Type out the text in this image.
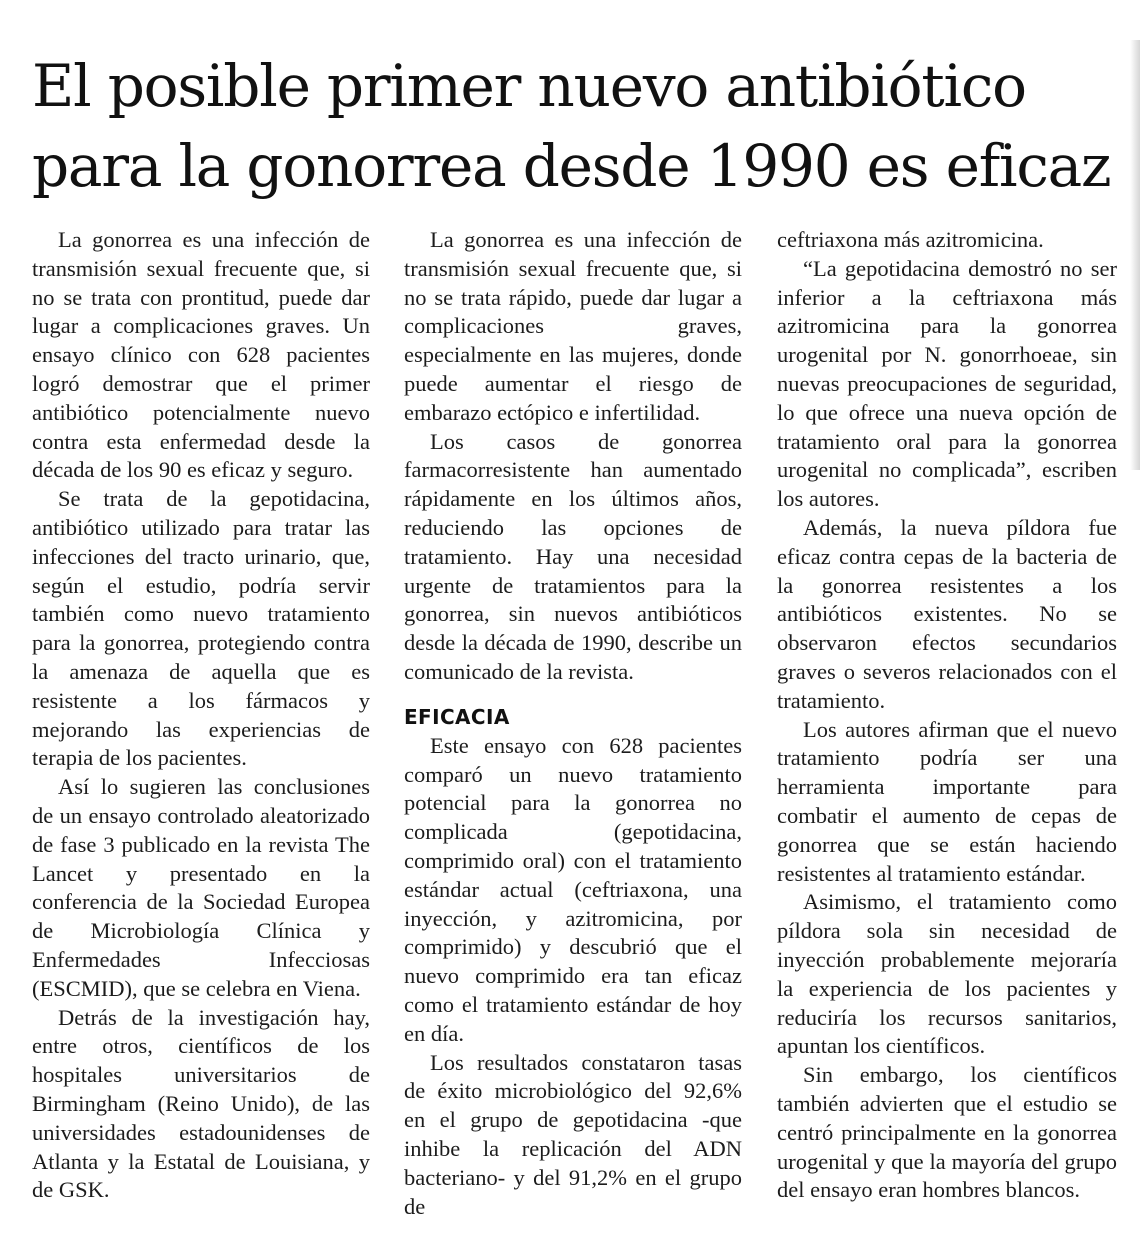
El posible primer nuevo antibiótico
para la gonorrea desde 1990 es eficaz

La gonorrea es una infección de transmisión sexual frecuente que, si no se trata con prontitud, puede dar lugar a complicaciones graves. Un ensayo clínico con 628 pacientes logró demostrar que el primer antibiótico potencialmente nuevo contra esta enfermedad desde la década de los 90 es eficaz y seguro.

Se trata de la gepotidacina, antibiótico utilizado para tratar las infecciones del tracto urinario, que, según el estudio, podría servir también como nuevo tratamiento para la gonorrea, protegiendo contra la amenaza de aquella que es resistente a los fármacos y mejorando las experiencias de terapia de los pacientes.

Así lo sugieren las conclusiones de un ensayo controlado aleatorizado de fase 3 publicado en la revista The Lancet y presentado en la conferencia de la Sociedad Europea de Microbiología Clínica y Enfermedades Infecciosas (ESCMID), que se celebra en Viena.

Detrás de la investigación hay, entre otros, científicos de los hospitales universitarios de Birmingham (Reino Unido), de las universidades estadounidenses de Atlanta y la Estatal de Louisiana, y de GSK.

La gonorrea es una infección de transmisión sexual frecuente que, si no se trata rápido, puede dar lugar a complicaciones graves, especialmente en las mujeres, donde puede aumentar el riesgo de embarazo ectópico e infertilidad.

Los casos de gonorrea farmacorresistente han aumentado rápidamente en los últimos años, reduciendo las opciones de tratamiento. Hay una necesidad urgente de tratamientos para la gonorrea, sin nuevos antibióticos desde la década de 1990, describe un comunicado de la revista.

EFICACIA

Este ensayo con 628 pacientes comparó un nuevo tratamiento potencial para la gonorrea no complicada (gepotidacina, comprimido oral) con el tratamiento estándar actual (ceftriaxona, una inyección, y azitromicina, por comprimido) y descubrió que el nuevo comprimido era tan eficaz como el tratamiento estándar de hoy en día.

Los resultados constataron tasas de éxito microbiológico del 92,6% en el grupo de gepotidacina -que inhibe la replicación del ADN bacteriano- y del 91,2% en el grupo de

ceftriaxona más azitromicina.

“La gepotidacina demostró no ser inferior a la ceftriaxona más azitromicina para la gonorrea urogenital por N. gonorrhoeae, sin nuevas preocupaciones de seguridad, lo que ofrece una nueva opción de tratamiento oral para la gonorrea urogenital no complicada”, escriben los autores.

Además, la nueva píldora fue eficaz contra cepas de la bacteria de la gonorrea resistentes a los antibióticos existentes. No se observaron efectos secundarios graves o severos relacionados con el tratamiento.

Los autores afirman que el nuevo tratamiento podría ser una herramienta importante para combatir el aumento de cepas de gonorrea que se están haciendo resistentes al tratamiento estándar.

Asimismo, el tratamiento como píldora sola sin necesidad de inyección probablemente mejoraría la experiencia de los pacientes y reduciría los recursos sanitarios, apuntan los científicos.

Sin embargo, los científicos también advierten que el estudio se centró principalmente en la gonorrea urogenital y que la mayoría del grupo del ensayo eran hombres blancos.
